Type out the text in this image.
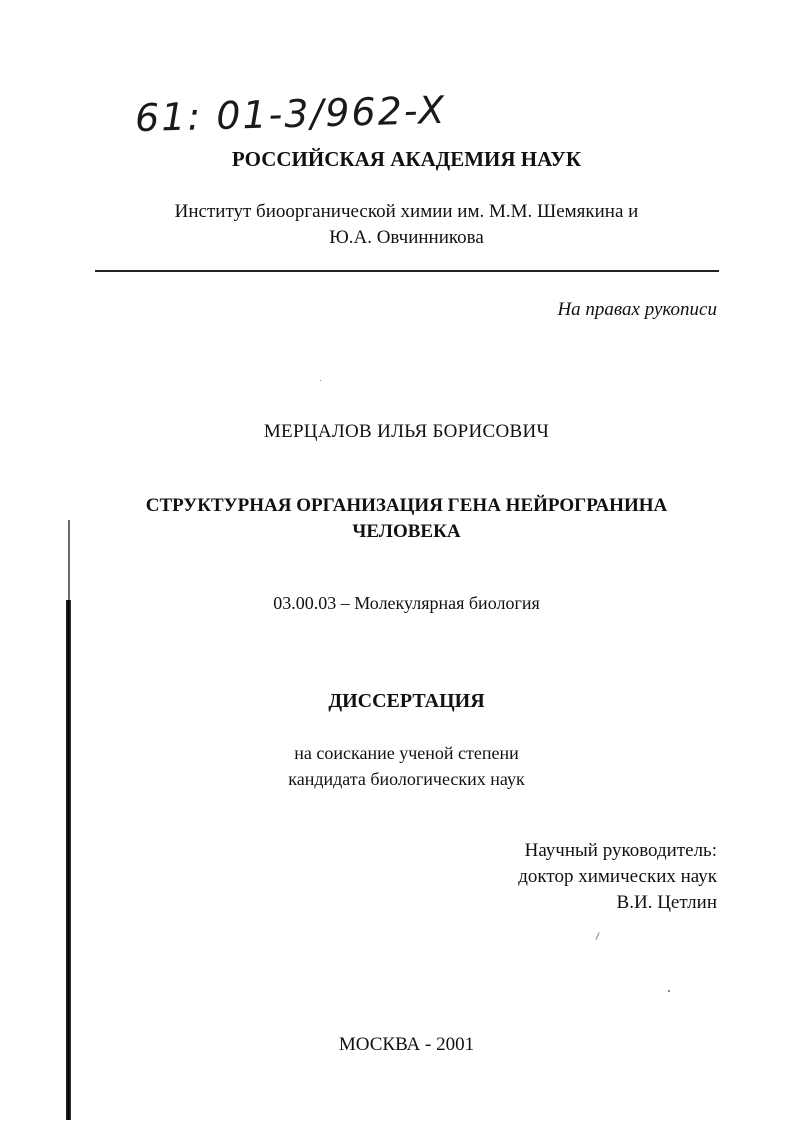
61: 01-3/962-X
РОССИЙСКАЯ АКАДЕМИЯ НАУК
Институт биоорганической химии им. М.М. Шемякина и
Ю.А. Овчинникова
На правах рукописи
МЕРЦАЛОВ ИЛЬЯ БОРИСОВИЧ
СТРУКТУРНАЯ ОРГАНИЗАЦИЯ ГЕНА НЕЙРОГРАНИНА
ЧЕЛОВЕКА
03.00.03 – Молекулярная биология
ДИССЕРТАЦИЯ
на соискание ученой степени
кандидата биологических наук
Научный руководитель:
доктор химических наук
В.И. Цетлин
МОСКВА - 2001
